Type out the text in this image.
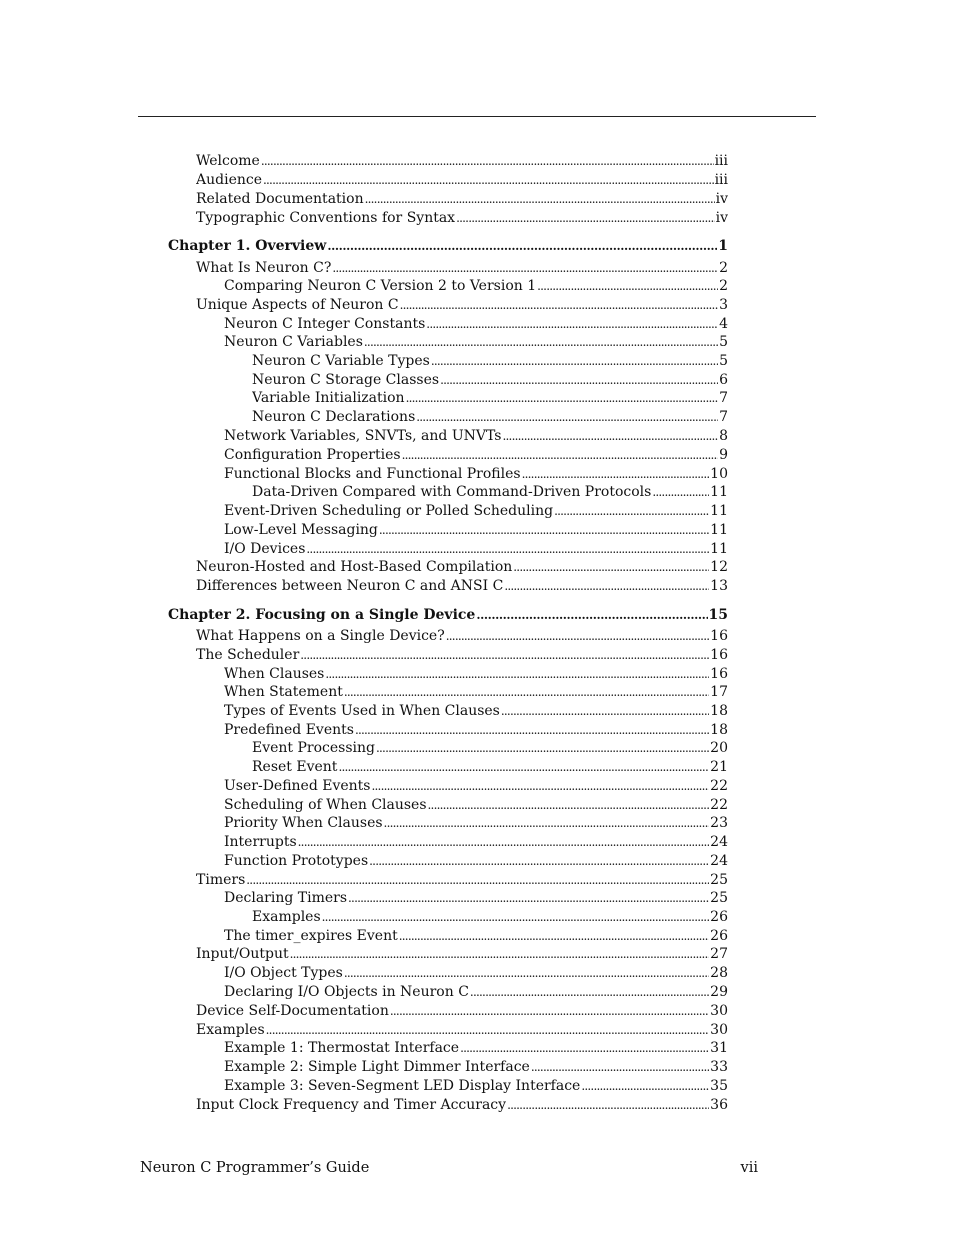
Welcome . . .	iii
Audience . . .	iii
Related Documentation . . .	iv
Typographic Conventions for Syntax . . .	iv
Chapter 1. Overview . . .	1
What Is Neuron C? . . .	2
Comparing Neuron C Version 2 to Version 1 . . .	2
Unique Aspects of Neuron C . . .	3
Neuron C Integer Constants . . .	4
Neuron C Variables . . .	5
Neuron C Variable Types . . .	5
Neuron C Storage Classes . . .	6
Variable Initialization . . .	7
Neuron C Declarations . . .	7
Network Variables, SNVTs, and UNVTs . . .	8
Configuration Properties . . .	9
Functional Blocks and Functional Profiles . . .	10
Data-Driven Compared with Command-Driven Protocols . . .	11
Event-Driven Scheduling or Polled Scheduling . . .	11
Low-Level Messaging . . .	11
I/O Devices . . .	11
Neuron-Hosted and Host-Based Compilation . . .	12
Differences between Neuron C and ANSI C . . .	13
Chapter 2. Focusing on a Single Device . . .	15
What Happens on a Single Device? . . .	16
The Scheduler . . .	16
When Clauses . . .	16
When Statement . . .	17
Types of Events Used in When Clauses . . .	18
Predefined Events . . .	18
Event Processing . . .	20
Reset Event . . .	21
User-Defined Events . . .	22
Scheduling of When Clauses . . .	22
Priority When Clauses . . .	23
Interrupts . . .	24
Function Prototypes . . .	24
Timers . . .	25
Declaring Timers . . .	25
Examples . . .	26
The timer_expires Event . . .	26
Input/Output . . .	27
I/O Object Types . . .	28
Declaring I/O Objects in Neuron C . . .	29
Device Self-Documentation . . .	30
Examples . . .	30
Example 1: Thermostat Interface . . .	31
Example 2: Simple Light Dimmer Interface . . .	33
Example 3: Seven-Segment LED Display Interface . . .	35
Input Clock Frequency and Timer Accuracy . . .	36
Neuron C Programmer’s Guide	vii
